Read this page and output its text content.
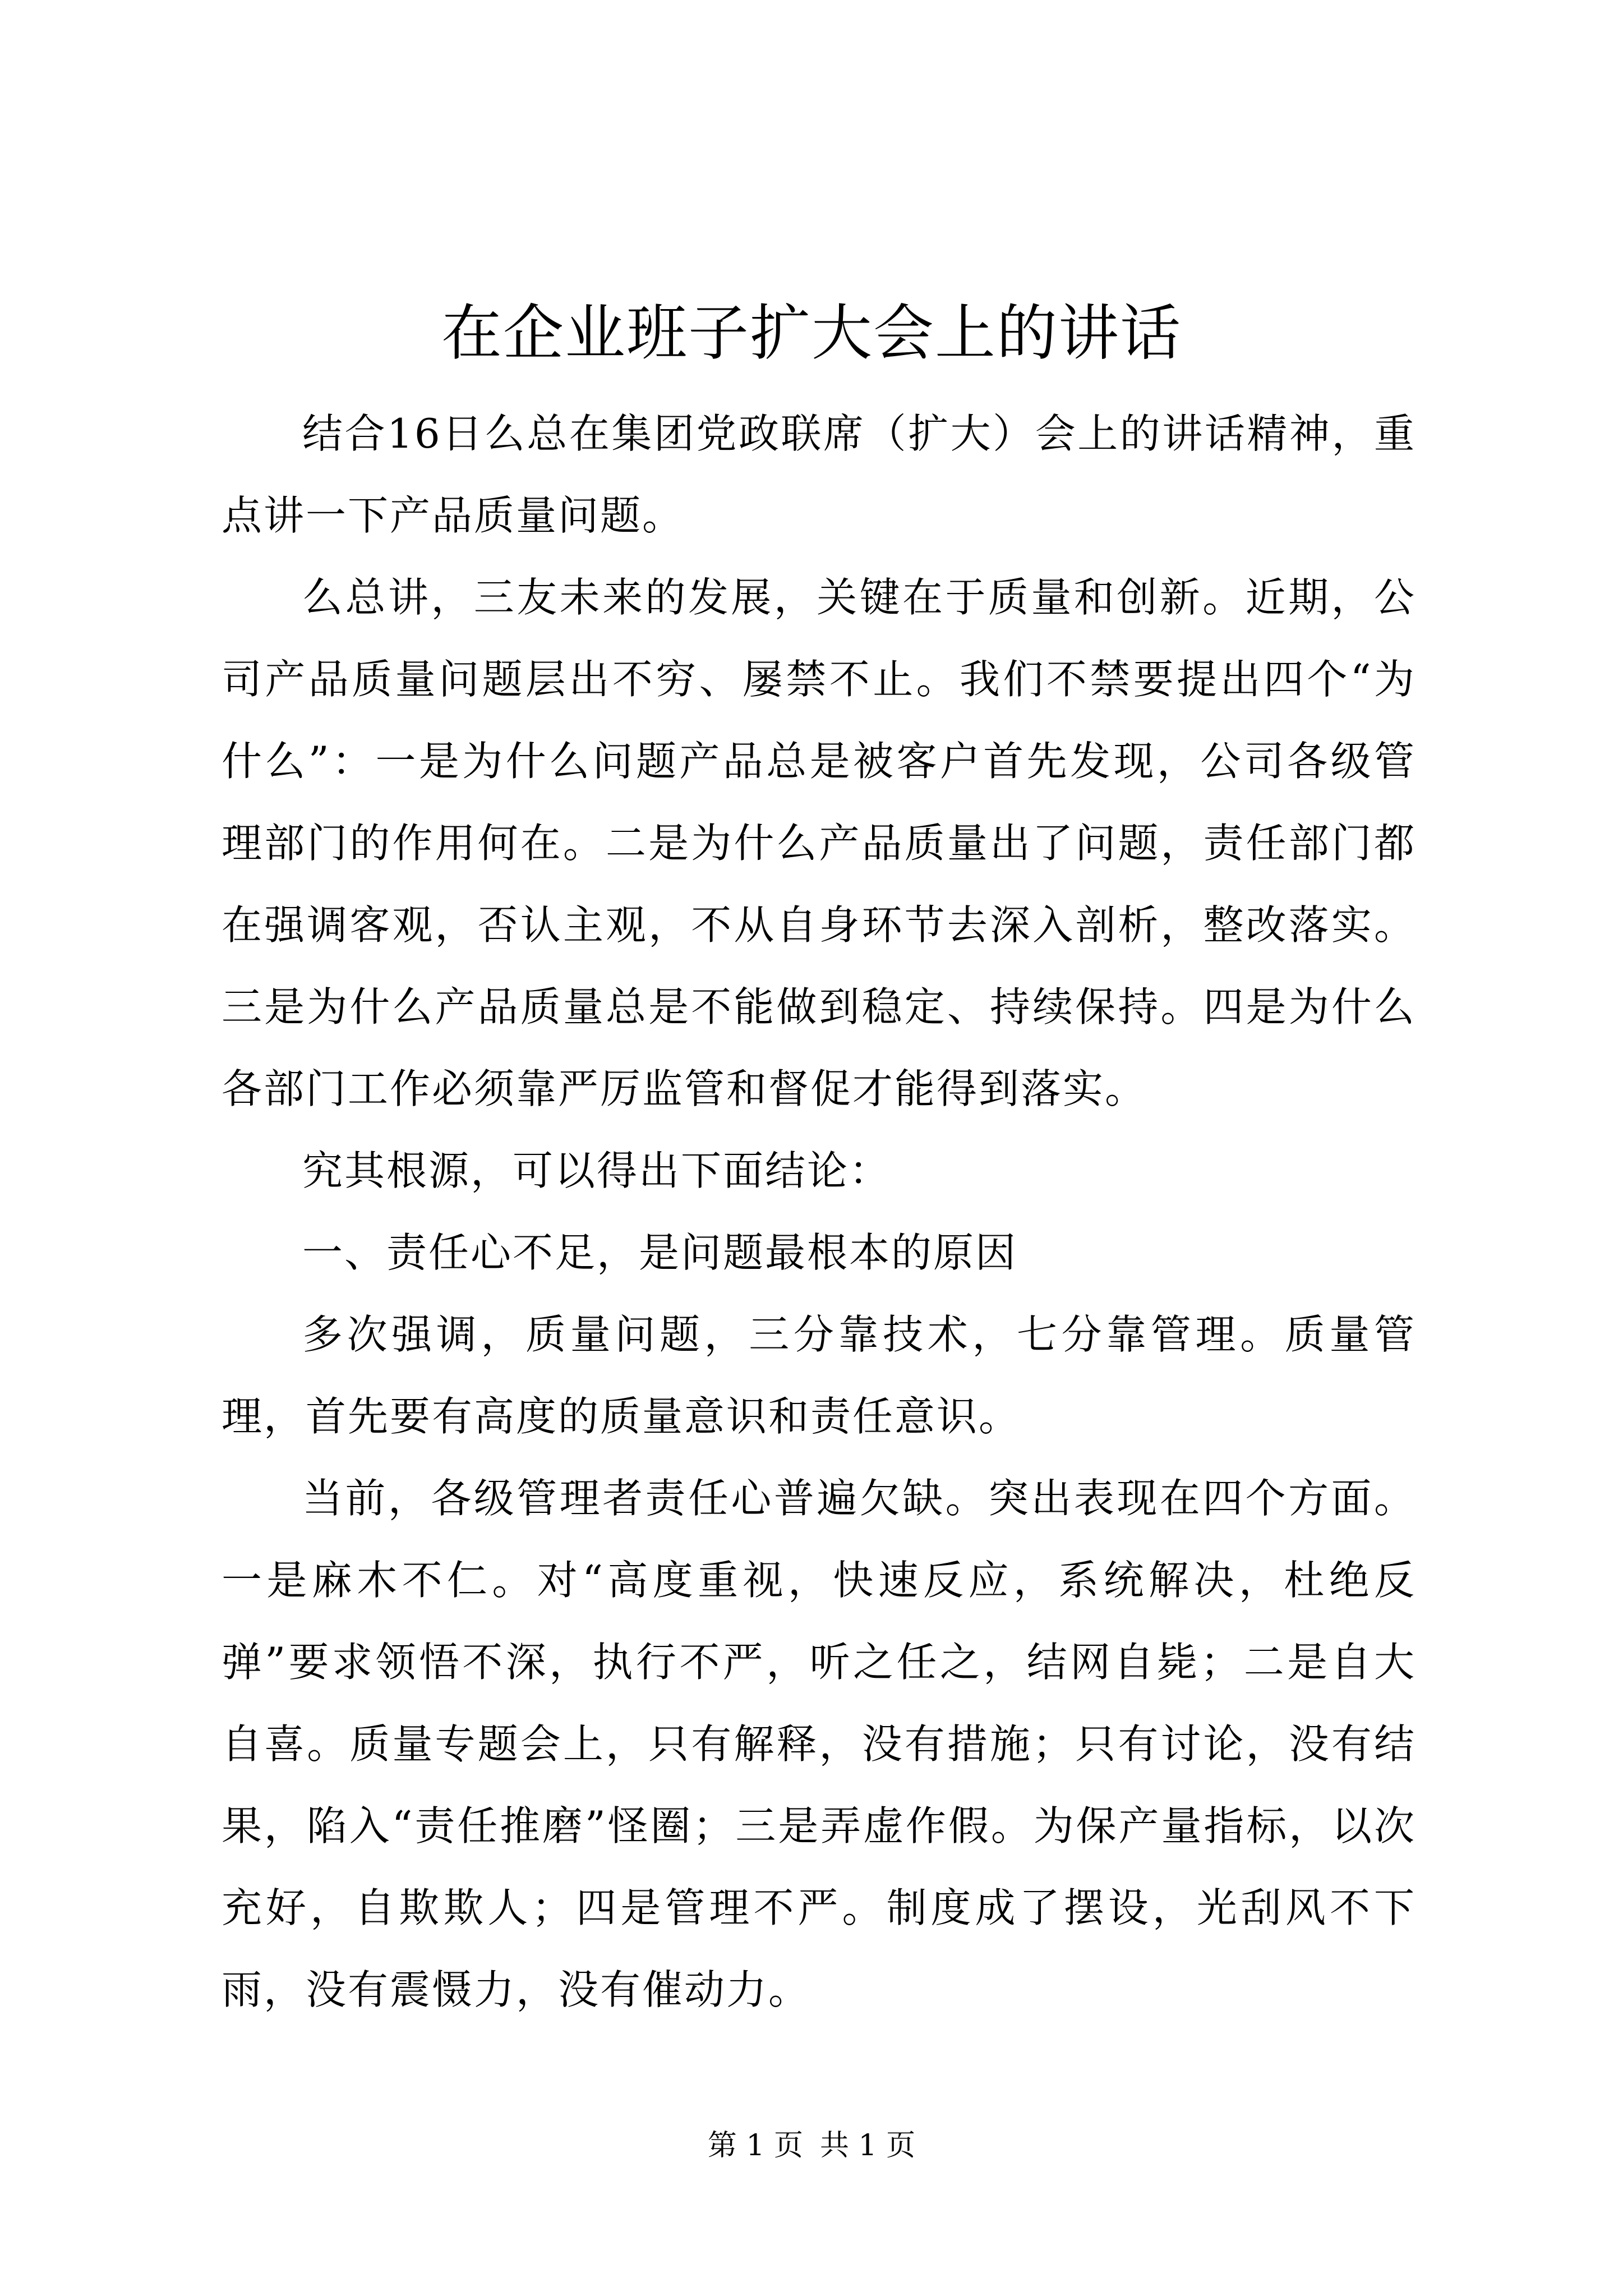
在企业班子扩大会上的讲话

结合16日么总在集团党政联席（扩大）会上的讲话精神，重点讲一下产品质量问题。

么总讲，三友未来的发展，关键在于质量和创新。近期，公司产品质量问题层出不穷、屡禁不止。我们不禁要提出四个“为什么”：一是为什么问题产品总是被客户首先发现，公司各级管理部门的作用何在。二是为什么产品质量出了问题，责任部门都在强调客观，否认主观，不从自身环节去深入剖析，整改落实。三是为什么产品质量总是不能做到稳定、持续保持。四是为什么各部门工作必须靠严厉监管和督促才能得到落实。

究其根源，可以得出下面结论：

一、责任心不足，是问题最根本的原因

多次强调，质量问题，三分靠技术，七分靠管理。质量管理，首先要有高度的质量意识和责任意识。

当前，各级管理者责任心普遍欠缺。突出表现在四个方面。一是麻木不仁。对“高度重视，快速反应，系统解决，杜绝反弹”要求领悟不深，执行不严，听之任之，结网自毙；二是自大自喜。质量专题会上，只有解释，没有措施；只有讨论，没有结果，陷入“责任推磨”怪圈；三是弄虚作假。为保产量指标，以次充好，自欺欺人；四是管理不严。制度成了摆设，光刮风不下雨，没有震慑力，没有催动力。

第 1 页 共 1 页
